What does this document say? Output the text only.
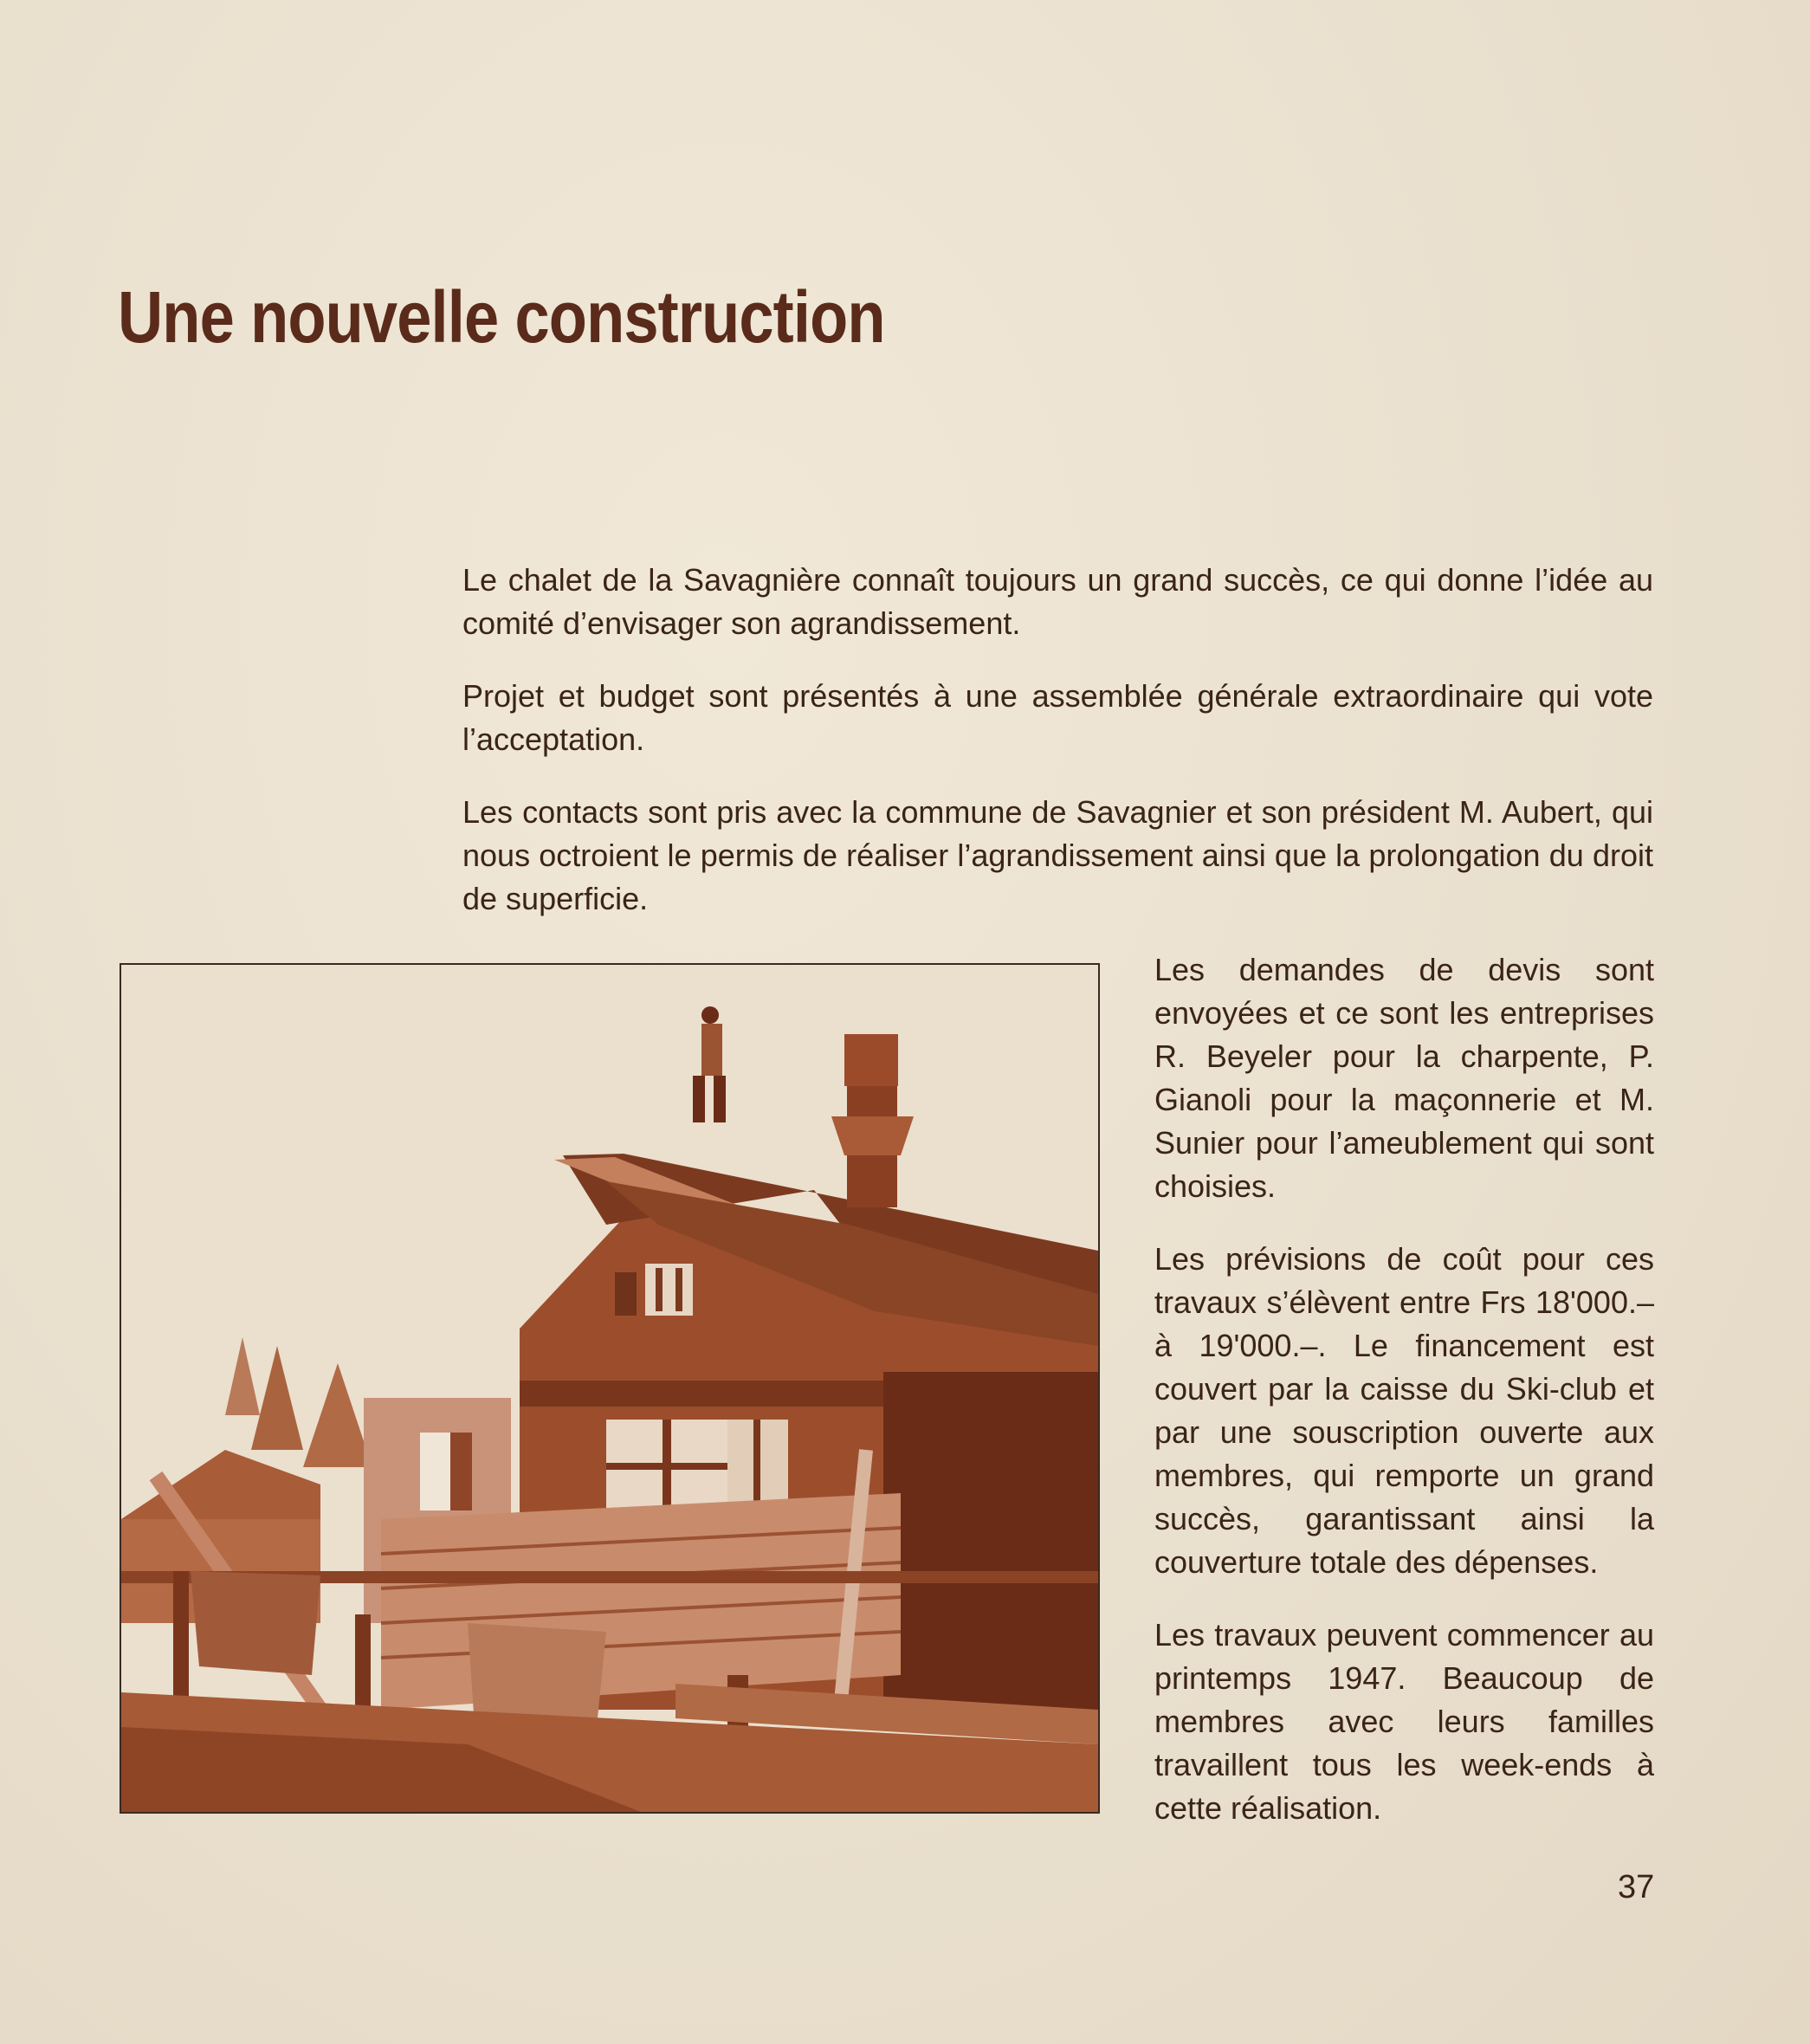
Une nouvelle construction

Le chalet de la Savagnière connaît toujours un grand succès, ce qui donne l’idée au comité d’envisager son agrandissement.

Projet et budget sont présentés à une assemblée générale extraordinaire qui vote l’acceptation.

Les contacts sont pris avec la commune de Savagnier et son président M. Aubert, qui nous octroient le permis de réaliser l’agrandissement ainsi que la prolongation du droit de superficie.

Les demandes de devis sont envoyées et ce sont les entreprises R. Beyeler pour la charpente, P. Gianoli pour la maçonnerie et M. Sunier pour l’ameublement qui sont choisies.

Les prévisions de coût pour ces travaux s’élèvent entre Frs 18'000.– à 19'000.–. Le financement est couvert par la caisse du Ski-club et par une souscription ouverte aux membres, qui remporte un grand succès, garantissant ainsi la couverture totale des dépenses.

Les travaux peuvent commencer au printemps 1947. Beaucoup de membres avec leurs familles travaillent tous les week-ends à cette réalisation.

37
